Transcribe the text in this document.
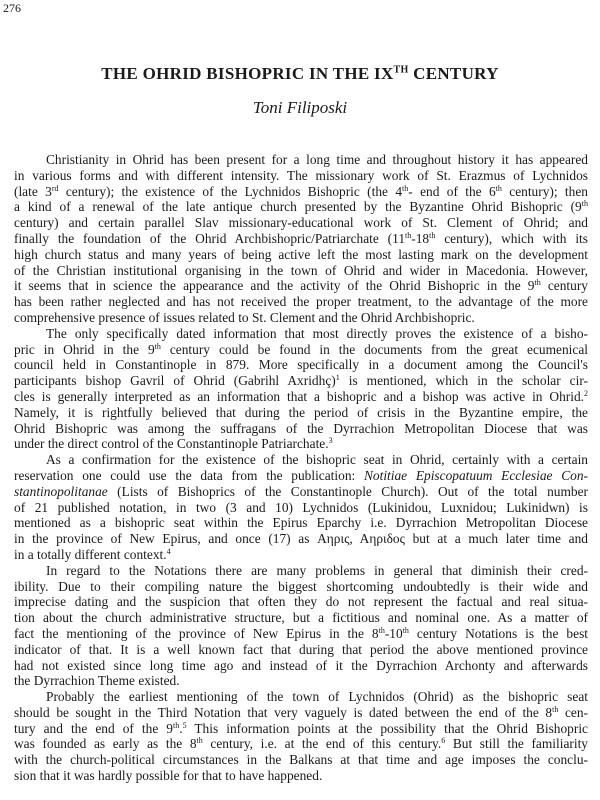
276
THE OHRID BISHOPRIC IN THE IXTH CENTURY
Toni Filiposki
Christianity in Ohrid has been present for a long time and throughout history it has appeared
in various forms and with different intensity. The missionary work of St. Erazmus of Lychnidos
(late 3rd century); the existence of the Lychnidos Bishopric (the 4th- end of the 6th century); then
a kind of a renewal of the late antique church presented by the Byzantine Ohrid Bishopric (9th
century) and certain parallel Slav missionary-educational work of St. Clement of Ohrid; and
finally the foundation of the Ohrid Archbishopric/Patriarchate (11th-18th century), which with its
high church status and many years of being active left the most lasting mark on the development
of the Christian institutional organising in the town of Ohrid and wider in Macedonia. However,
it seems that in science the appearance and the activity of the Ohrid Bishopric in the 9th century
has been rather neglected and has not received the proper treatment, to the advantage of the more
comprehensive presence of issues related to St. Clement and the Ohrid Archbishopric.
The only specifically dated information that most directly proves the existence of a bisho-
pric in Ohrid in the 9th century could be found in the documents from the great ecumenical
council held in Constantinople in 879. More specifically in a document among the Council's
participants bishop Gavril of Ohrid (Gabrihl Axridhç)$^1$ is mentioned, which in the scholar cir-
cles is generally interpreted as an information that a bishopric and a bishop was active in Ohrid.$^2$
Namely, it is rightfully believed that during the period of crisis in the Byzantine empire, the
Ohrid Bishopric was among the suffragans of the Dyrrachion Metropolitan Diocese that was
under the direct control of the Constantinople Patriarchate.$^3$
As a confirmation for the existence of the bishopric seat in Ohrid, certainly with a certain
reservation one could use the data from the publication: Notitiae Episcopatuum Ecclesiae Con-
stantinopolitanae (Lists of Bishoprics of the Constantinople Church). Out of the total number
of 21 published notation, in two (3 and 10) Lychnidos (Lukinidou, Luxnidou; Lukinidwn) is
mentioned as a bishopric seat within the Epirus Eparchy i.e. Dyrrachion Metropolitan Diocese
in the province of New Epirus, and once (17) as Αηρις, Αηριδος but at a much later time and
in a totally different context.$^4$
In regard to the Notations there are many problems in general that diminish their cred-
ibility. Due to their compiling nature the biggest shortcoming undoubtedly is their wide and
imprecise dating and the suspicion that often they do not represent the factual and real situa-
tion about the church administrative structure, but a fictitious and nominal one. As a matter of
fact the mentioning of the province of New Epirus in the 8th-10th century Notations is the best
indicator of that. It is a well known fact that during that period the above mentioned province
had not existed since long time ago and instead of it the Dyrrachion Archonty and afterwards
the Dyrrachion Theme existed.
Probably the earliest mentioning of the town of Lychnidos (Ohrid) as the bishopric seat
should be sought in the Third Notation that very vaguely is dated between the end of the 8th cen-
tury and the end of the 9th.$^5$ This information points at the possibility that the Ohrid Bishopric
was founded as early as the 8th century, i.e. at the end of this century.$^6$ But still the familiarity
with the church-political circumstances in the Balkans at that time and age imposes the conclu-
sion that it was hardly possible for that to have happened.
